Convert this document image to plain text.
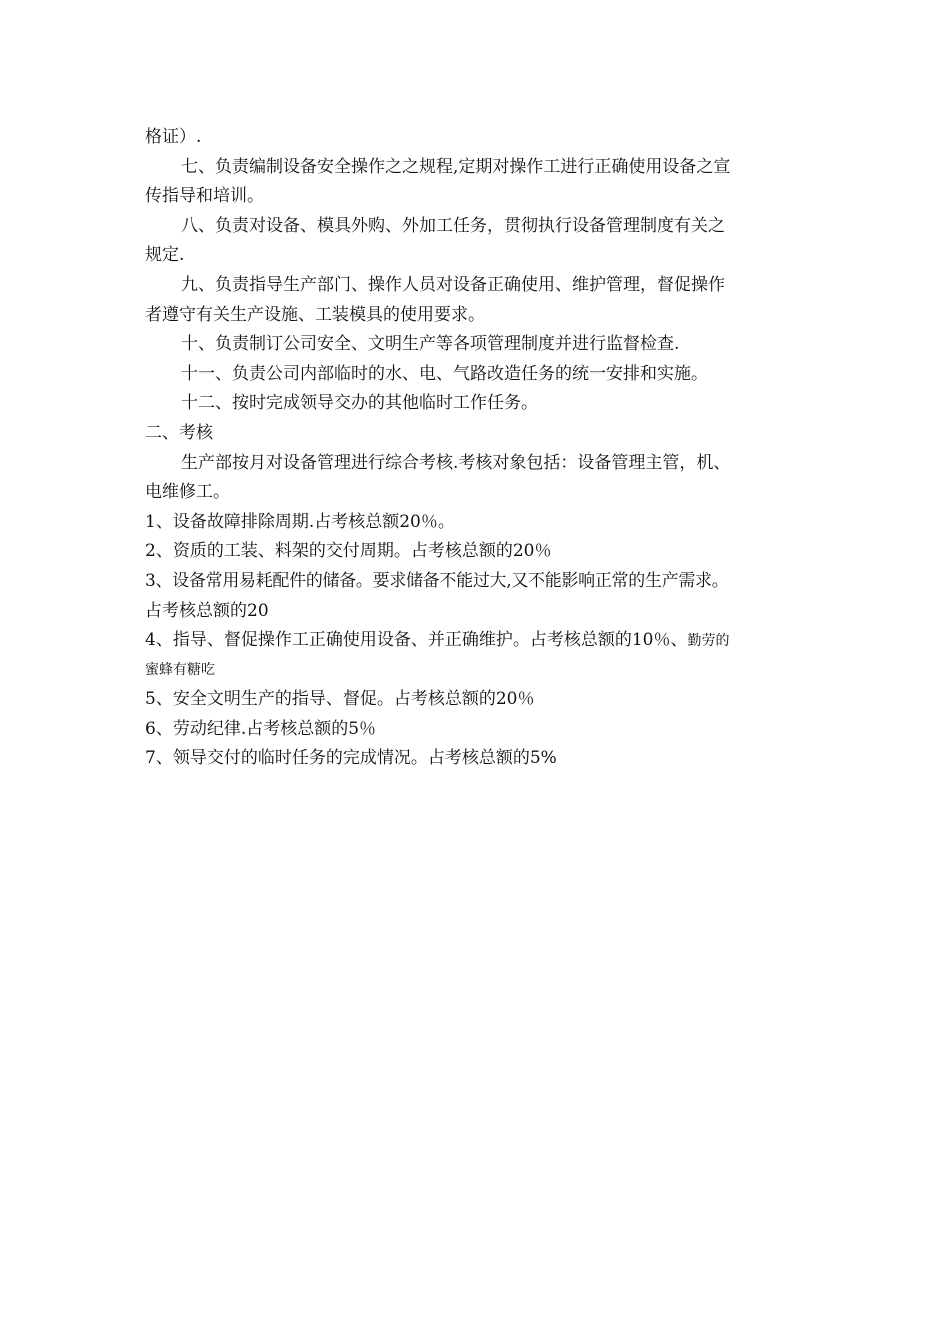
格证）.
七、负责编制设备安全操作之之规程,定期对操作工进行正确使用设备之宣
传指导和培训。
八、负责对设备、模具外购、外加工任务，贯彻执行设备管理制度有关之
规定.
九、负责指导生产部门、操作人员对设备正确使用、维护管理，督促操作
者遵守有关生产设施、工装模具的使用要求。
十、负责制订公司安全、文明生产等各项管理制度并进行监督检查.
十一、负责公司内部临时的水、电、气路改造任务的统一安排和实施。
十二、按时完成领导交办的其他临时工作任务。
二、考核
生产部按月对设备管理进行综合考核.考核对象包括：设备管理主管，机、
电维修工。
1、设备故障排除周期.占考核总额20％。
2、资质的工装、料架的交付周期。占考核总额的20％
3、设备常用易耗配件的储备。要求储备不能过大,又不能影响正常的生产需求。
占考核总额的20
4、指导、督促操作工正确使用设备、并正确维护。占考核总额的10％、勤劳的
蜜蜂有糖吃
5、安全文明生产的指导、督促。占考核总额的20％
6、劳动纪律.占考核总额的5％
7、领导交付的临时任务的完成情况。占考核总额的5%
